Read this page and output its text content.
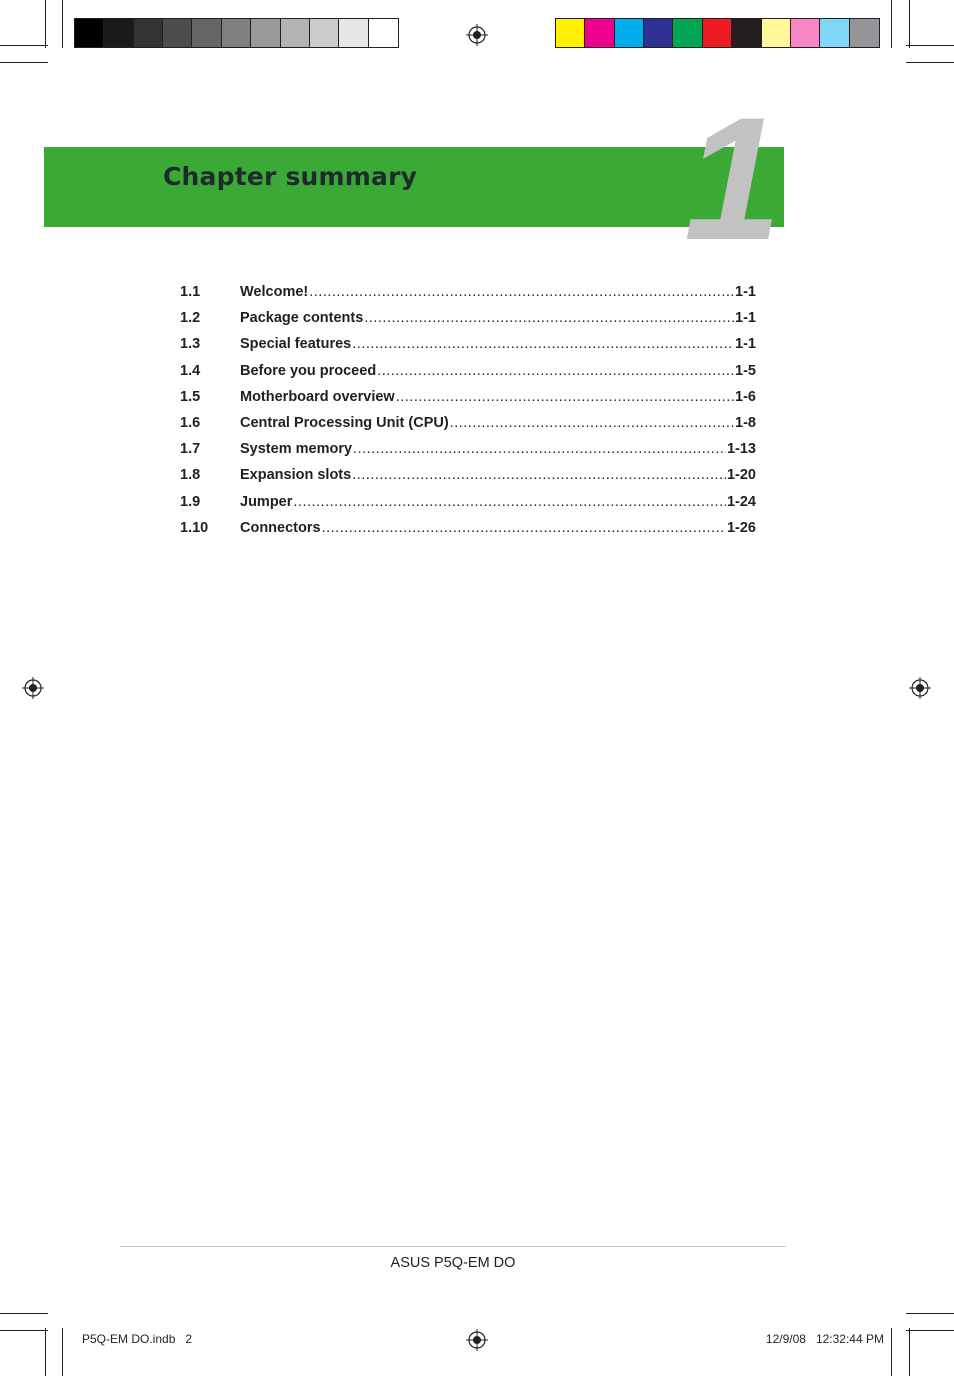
Chapter summary 1
1.1	Welcome! .....	1-1
1.2	Package contents .....	1-1
1.3	Special features .....	1-1
1.4	Before you proceed .....	1-5
1.5	Motherboard overview .....	1-6
1.6	Central Processing Unit (CPU) .....	1-8
1.7	System memory .....	1-13
1.8	Expansion slots .....	1-20
1.9	Jumper .....	1-24
1.10	Connectors .....	1-26
ASUS P5Q-EM DO
P5Q-EM DO.indb   2	12/9/08   12:32:44 PM
